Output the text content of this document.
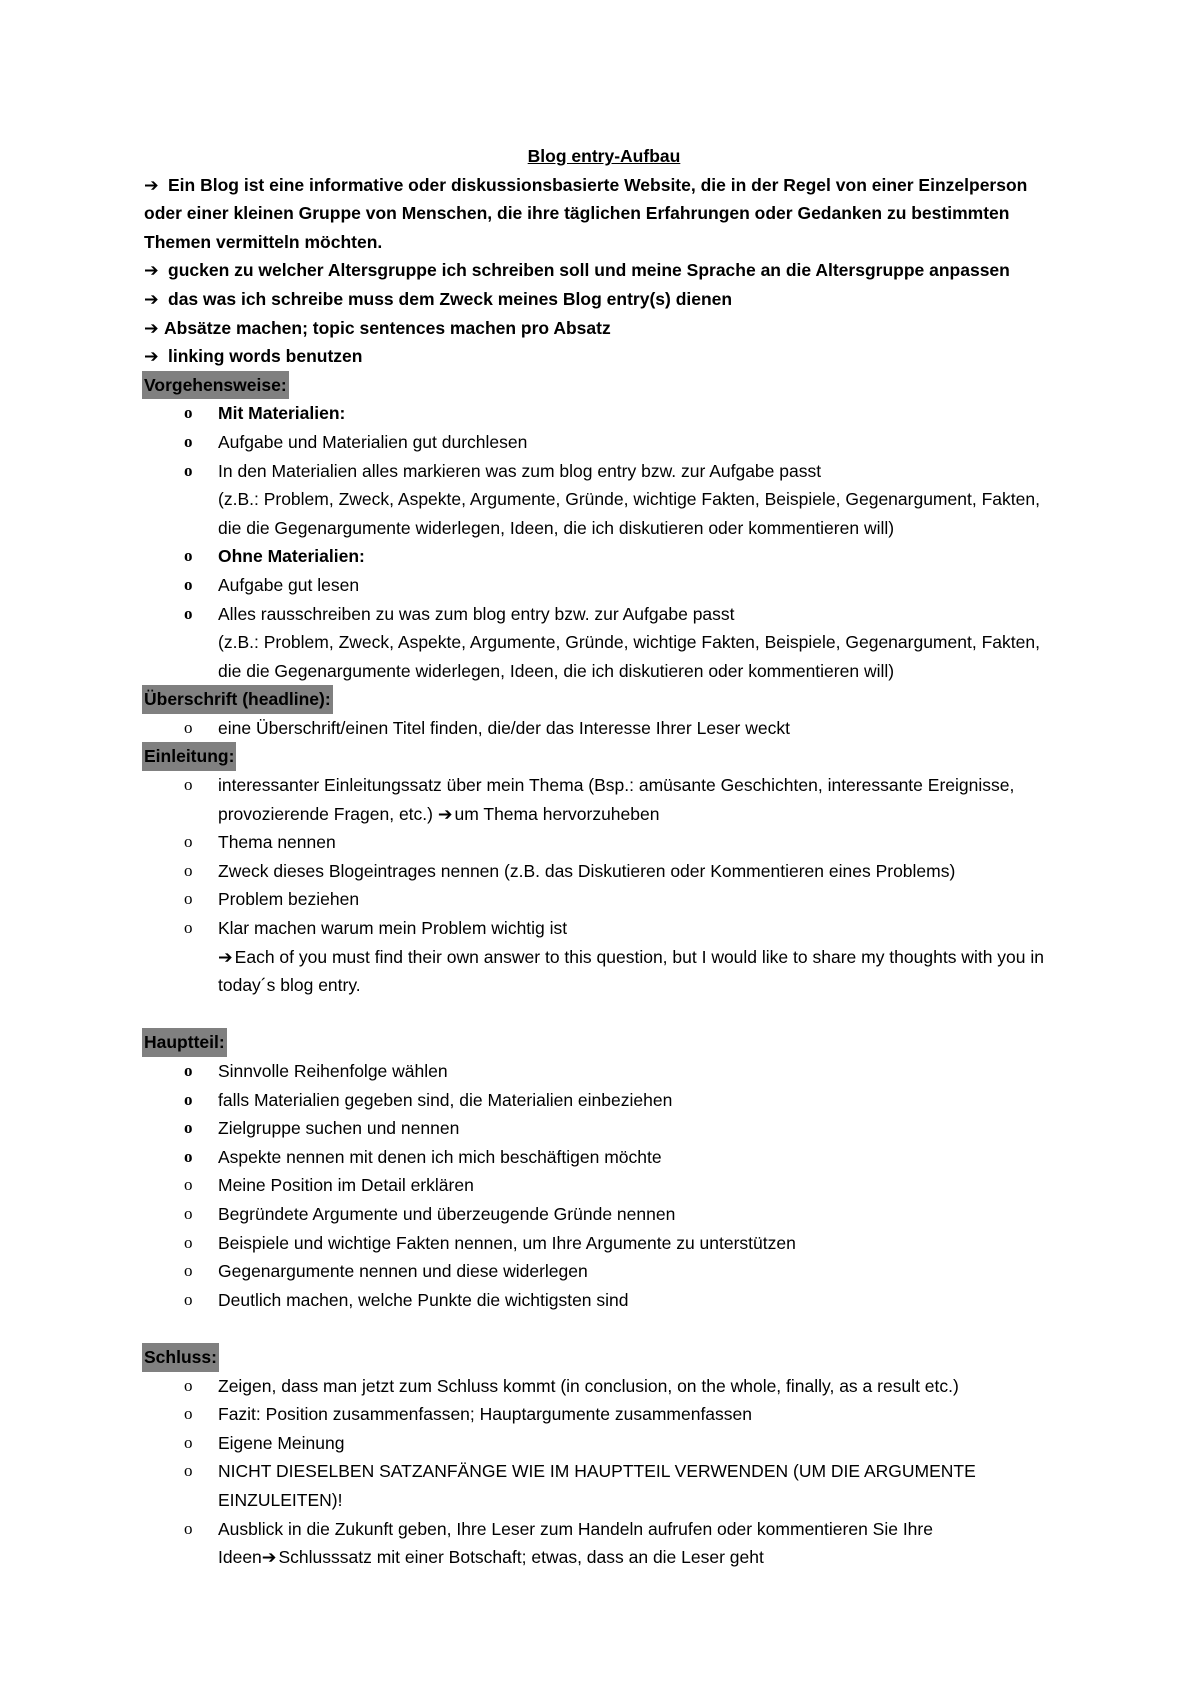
Blog entry-Aufbau

➔ Ein Blog ist eine informative oder diskussionsbasierte Website, die in der Regel von einer Einzelperson oder einer kleinen Gruppe von Menschen, die ihre täglichen Erfahrungen oder Gedanken zu bestimmten Themen vermitteln möchten.

➔ gucken zu welcher Altersgruppe ich schreiben soll und meine Sprache an die Altersgruppe anpassen

➔ das was ich schreibe muss dem Zweck meines Blog entry(s) dienen

➔ Absätze machen; topic sentences machen pro Absatz

➔ linking words benutzen

Vorgehensweise:

o	Mit Materialien:
o	Aufgabe und Materialien gut durchlesen
o	In den Materialien alles markieren was zum blog entry bzw. zur Aufgabe passt
(z.B.: Problem, Zweck, Aspekte, Argumente, Gründe, wichtige Fakten, Beispiele, Gegenargument, Fakten, die die Gegenargumente widerlegen, Ideen, die ich diskutieren oder kommentieren will)
o	Ohne Materialien:
o	Aufgabe gut lesen
o	Alles rausschreiben zu was zum blog entry bzw. zur Aufgabe passt
(z.B.: Problem, Zweck, Aspekte, Argumente, Gründe, wichtige Fakten, Beispiele, Gegenargument, Fakten, die die Gegenargumente widerlegen, Ideen, die ich diskutieren oder kommentieren will)

Überschrift (headline):

o	eine Überschrift/einen Titel finden, die/der das Interesse Ihrer Leser weckt

Einleitung:

o	interessanter Einleitungssatz über mein Thema (Bsp.: amüsante Geschichten, interessante Ereignisse, provozierende Fragen, etc.) ➔ um Thema hervorzuheben
o	Thema nennen
o	Zweck dieses Blogeintrages nennen (z.B. das Diskutieren oder Kommentieren eines Problems)
o	Problem beziehen
o	Klar machen warum mein Problem wichtig ist
➔ Each of you must find their own answer to this question, but I would like to share my thoughts with you in today´s blog entry.

Hauptteil:

o	Sinnvolle Reihenfolge wählen
o	falls Materialien gegeben sind, die Materialien einbeziehen
o	Zielgruppe suchen und nennen
o	Aspekte nennen mit denen ich mich beschäftigen möchte
o	Meine Position im Detail erklären
o	Begründete Argumente und überzeugende Gründe nennen
o	Beispiele und wichtige Fakten nennen, um Ihre Argumente zu unterstützen
o	Gegenargumente nennen und diese widerlegen
o	Deutlich machen, welche Punkte die wichtigsten sind

Schluss:

o	Zeigen, dass man jetzt zum Schluss kommt (in conclusion, on the whole, finally, as a result etc.)
o	Fazit: Position zusammenfassen; Hauptargumente zusammenfassen
o	Eigene Meinung
o	NICHT DIESELBEN SATZANFÄNGE WIE IM HAUPTTEIL VERWENDEN (UM DIE ARGUMENTE EINZULEITEN)!
o	Ausblick in die Zukunft geben, Ihre Leser zum Handeln aufrufen oder kommentieren Sie Ihre Ideen➔ Schlusssatz mit einer Botschaft; etwas, dass an die Leser geht
